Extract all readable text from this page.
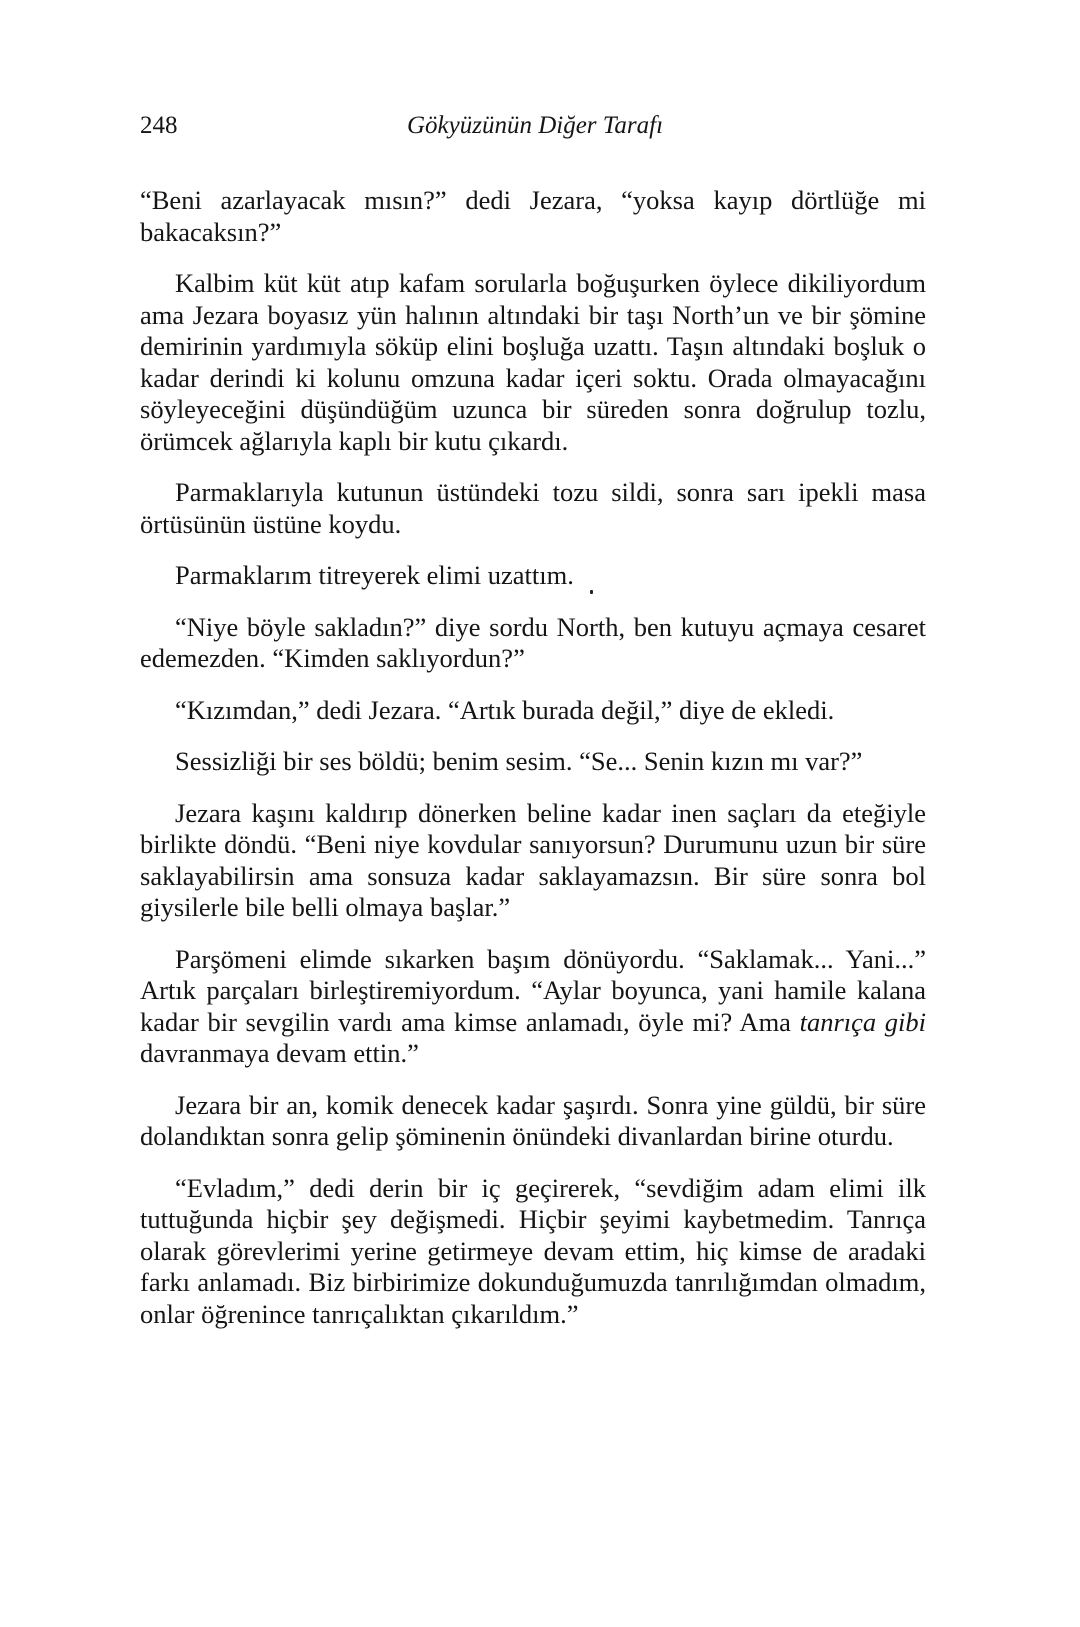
248	Gökyüzünün Diğer Tarafı

“Beni azarlayacak mısın?” dedi Jezara, “yoksa kayıp dörtlüğe mi bakacaksın?”

Kalbim küt küt atıp kafam sorularla boğuşurken öylece dikiliyordum ama Jezara boyasız yün halının altındaki bir taşı North’un ve bir şömine demirinin yardımıyla söküp elini boşluğa uzattı. Taşın altındaki boşluk o kadar derindi ki kolunu omzuna kadar içeri soktu. Orada olmayacağını söyleyeceğini düşündüğüm uzunca bir süreden sonra doğrulup tozlu, örümcek ağlarıyla kaplı bir kutu çıkardı.

Parmaklarıyla kutunun üstündeki tozu sildi, sonra sarı ipekli masa örtüsünün üstüne koydu.

Parmaklarım titreyerek elimi uzattım.

“Niye böyle sakladın?” diye sordu North, ben kutuyu açmaya cesaret edemezden. “Kimden saklıyordun?”

“Kızımdan,” dedi Jezara. “Artık burada değil,” diye de ekledi.

Sessizliği bir ses böldü; benim sesim. “Se... Senin kızın mı var?”

Jezara kaşını kaldırıp dönerken beline kadar inen saçları da eteğiyle birlikte döndü. “Beni niye kovdular sanıyorsun? Durumunu uzun bir süre saklayabilirsin ama sonsuza kadar saklayamazsın. Bir süre sonra bol giysilerle bile belli olmaya başlar.”

Parşömeni elimde sıkarken başım dönüyordu. “Saklamak... Yani...” Artık parçaları birleştiremiyordum. “Aylar boyunca, yani hamile kalana kadar bir sevgilin vardı ama kimse anlamadı, öyle mi? Ama tanrıça gibi davranmaya devam ettin.”

Jezara bir an, komik denecek kadar şaşırdı. Sonra yine güldü, bir süre dolandıktan sonra gelip şöminenin önündeki divanlardan birine oturdu.

“Evladım,” dedi derin bir iç geçirerek, “sevdiğim adam elimi ilk tuttuğunda hiçbir şey değişmedi. Hiçbir şeyimi kaybetmedim. Tanrıça olarak görevlerimi yerine getirmeye devam ettim, hiç kimse de aradaki farkı anlamadı. Biz birbirimize dokunduğumuzda tanrılığımdan olmadım, onlar öğrenince tanrıçalıktan çıkarıldım.”
